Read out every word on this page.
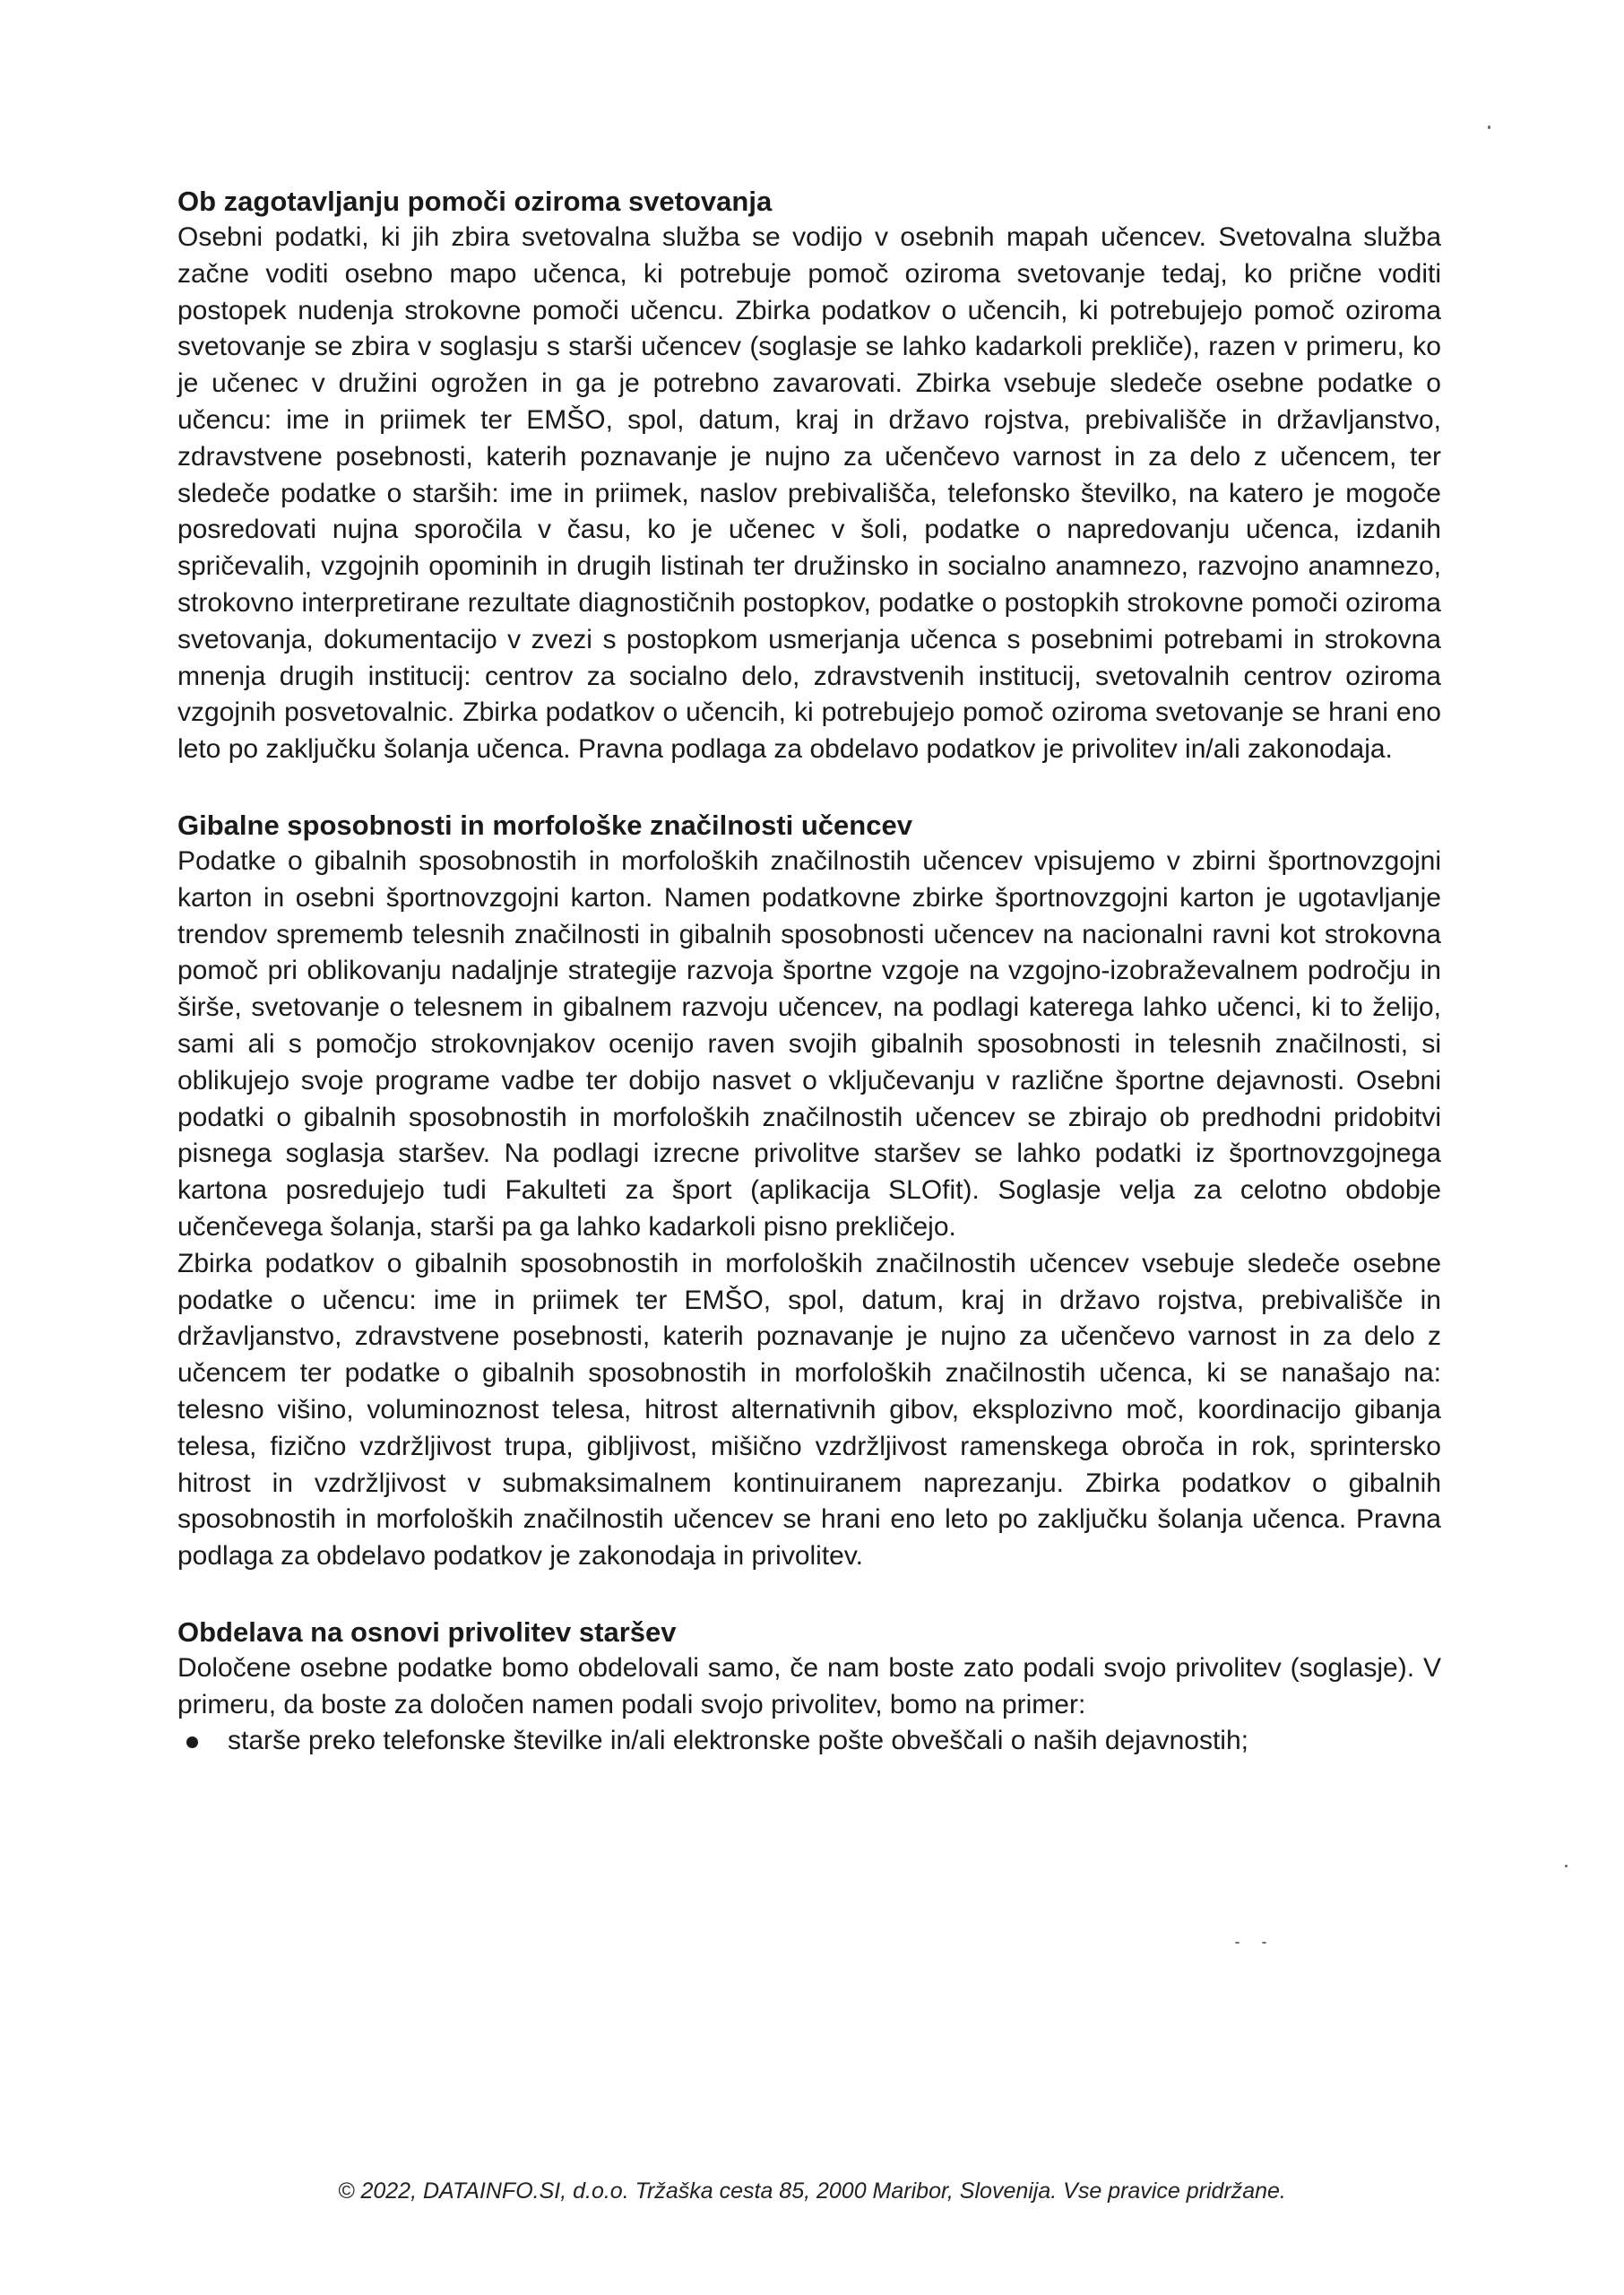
Ob zagotavljanju pomoči oziroma svetovanja

Osebni podatki, ki jih zbira svetovalna služba se vodijo v osebnih mapah učencev. Svetovalna služba začne voditi osebno mapo učenca, ki potrebuje pomoč oziroma svetovanje tedaj, ko prične voditi postopek nudenja strokovne pomoči učencu. Zbirka podatkov o učencih, ki potrebujejo pomoč oziroma svetovanje se zbira v soglasju s starši učencev (soglasje se lahko kadarkoli prekliče), razen v primeru, ko je učenec v družini ogrožen in ga je potrebno zavarovati. Zbirka vsebuje sledeče osebne podatke o učencu: ime in priimek ter EMŠO, spol, datum, kraj in državo rojstva, prebivališče in državljanstvo, zdravstvene posebnosti, katerih poznavanje je nujno za učenčevo varnost in za delo z učencem, ter sledeče podatke o starših: ime in priimek, naslov prebivališča, telefonsko številko, na katero je mogoče posredovati nujna sporočila v času, ko je učenec v šoli, podatke o napredovanju učenca, izdanih spričevalih, vzgojnih opominih in drugih listinah ter družinsko in socialno anamnezo, razvojno anamnezo, strokovno interpretirane rezultate diagnostičnih postopkov, podatke o postopkih strokovne pomoči oziroma svetovanja, dokumentacijo v zvezi s postopkom usmerjanja učenca s posebnimi potrebami in strokovna mnenja drugih institucij: centrov za socialno delo, zdravstvenih institucij, svetovalnih centrov oziroma vzgojnih posvetovalnic. Zbirka podatkov o učencih, ki potrebujejo pomoč oziroma svetovanje se hrani eno leto po zaključku šolanja učenca. Pravna podlaga za obdelavo podatkov je privolitev in/ali zakonodaja.

Gibalne sposobnosti in morfološke značilnosti učencev

Podatke o gibalnih sposobnostih in morfoloških značilnostih učencev vpisujemo v zbirni športnovzgojni karton in osebni športnovzgojni karton. Namen podatkovne zbirke športnovzgojni karton je ugotavljanje trendov sprememb telesnih značilnosti in gibalnih sposobnosti učencev na nacionalni ravni kot strokovna pomoč pri oblikovanju nadaljnje strategije razvoja športne vzgoje na vzgojno-izobraževalnem področju in širše, svetovanje o telesnem in gibalnem razvoju učencev, na podlagi katerega lahko učenci, ki to želijo, sami ali s pomočjo strokovnjakov ocenijo raven svojih gibalnih sposobnosti in telesnih značilnosti, si oblikujejo svoje programe vadbe ter dobijo nasvet o vključevanju v različne športne dejavnosti. Osebni podatki o gibalnih sposobnostih in morfoloških značilnostih učencev se zbirajo ob predhodni pridobitvi pisnega soglasja staršev. Na podlagi izrecne privolitve staršev se lahko podatki iz športnovzgojnega kartona posredujejo tudi Fakulteti za šport (aplikacija SLOfit). Soglasje velja za celotno obdobje učenčevega šolanja, starši pa ga lahko kadarkoli pisno prekličejo.

Zbirka podatkov o gibalnih sposobnostih in morfoloških značilnostih učencev vsebuje sledeče osebne podatke o učencu: ime in priimek ter EMŠO, spol, datum, kraj in državo rojstva, prebivališče in državljanstvo, zdravstvene posebnosti, katerih poznavanje je nujno za učenčevo varnost in za delo z učencem ter podatke o gibalnih sposobnostih in morfoloških značilnostih učenca, ki se nanašajo na: telesno višino, voluminoznost telesa, hitrost alternativnih gibov, eksplozivno moč, koordinacijo gibanja telesa, fizično vzdržljivost trupa, gibljivost, mišično vzdržljivost ramenskega obroča in rok, sprintersko hitrost in vzdržljivost v submaksimalnem kontinuiranem naprezanju. Zbirka podatkov o gibalnih sposobnostih in morfoloških značilnostih učencev se hrani eno leto po zaključku šolanja učenca. Pravna podlaga za obdelavo podatkov je zakonodaja in privolitev.

Obdelava na osnovi privolitev staršev

Določene osebne podatke bomo obdelovali samo, če nam boste zato podali svojo privolitev (soglasje). V primeru, da boste za določen namen podali svojo privolitev, bomo na primer:

starše preko telefonske številke in/ali elektronske pošte obveščali o naših dejavnostih;
© 2022, DATAINFO.SI, d.o.o. Tržaška cesta 85, 2000 Maribor, Slovenija. Vse pravice pridržane.
